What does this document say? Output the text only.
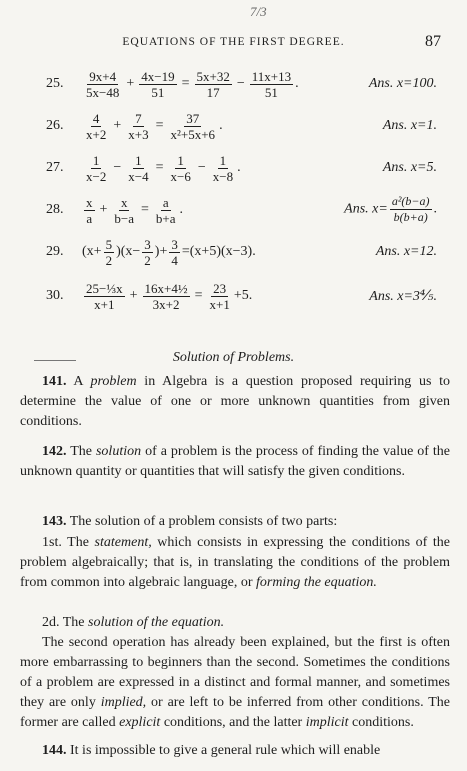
7/3
EQUATIONS OF THE FIRST DEGREE.	87
25. $\frac{9x+4}{5x-48} + \frac{4x-19}{51} = \frac{5x+32}{17} - \frac{11x+13}{51}$ .	Ans. x=100.
26. $\frac{4}{x+2} + \frac{7}{x+3} = \frac{37}{\text{x²+5x+6}}$ .	Ans. x=1.
27. $\frac{1}{x-2} - \frac{1}{x-4} = \frac{1}{x-6} - \frac{1}{x-8}$ .	Ans. x=5.
28. $\frac{x}{a} + \frac{x}{b-a} = \frac{a}{b+a}$ .	Ans. $x= \frac{\text{a²(b−a)}}{b(b+a)}$ .
29. $(x+ \frac{5}{2} )(x- \frac{3}{2}$ )+ $\frac{3}{4} =(x+5)(x-3)$.	Ans. x=12.
30. $\frac{\text{25−⅓x}}{x+1} + \frac{\text{16x+4½}}{3x+2} = \frac{23}{x+1} +5$.	Ans. x=3⅘.
Solution of Problems.

141. A problem in Algebra is a question proposed requiring us to determine the value of one or more unknown quantities from given conditions.

142. The solution of a problem is the process of finding the value of the unknown quantity or quantities that will satisfy the given conditions.

143. The solution of a problem consists of two parts:

1st. The statement, which consists in expressing the conditions of the problem algebraically; that is, in translating the conditions of the problem from common into algebraic language, or forming the equation.

2d. The solution of the equation.

The second operation has already been explained, but the first is often more embarrassing to beginners than the second. Sometimes the conditions of a problem are expressed in a distinct and formal manner, and sometimes they are only implied, or are left to be inferred from other conditions. The former are called explicit conditions, and the latter implicit conditions.

144. It is impossible to give a general rule which will enable
